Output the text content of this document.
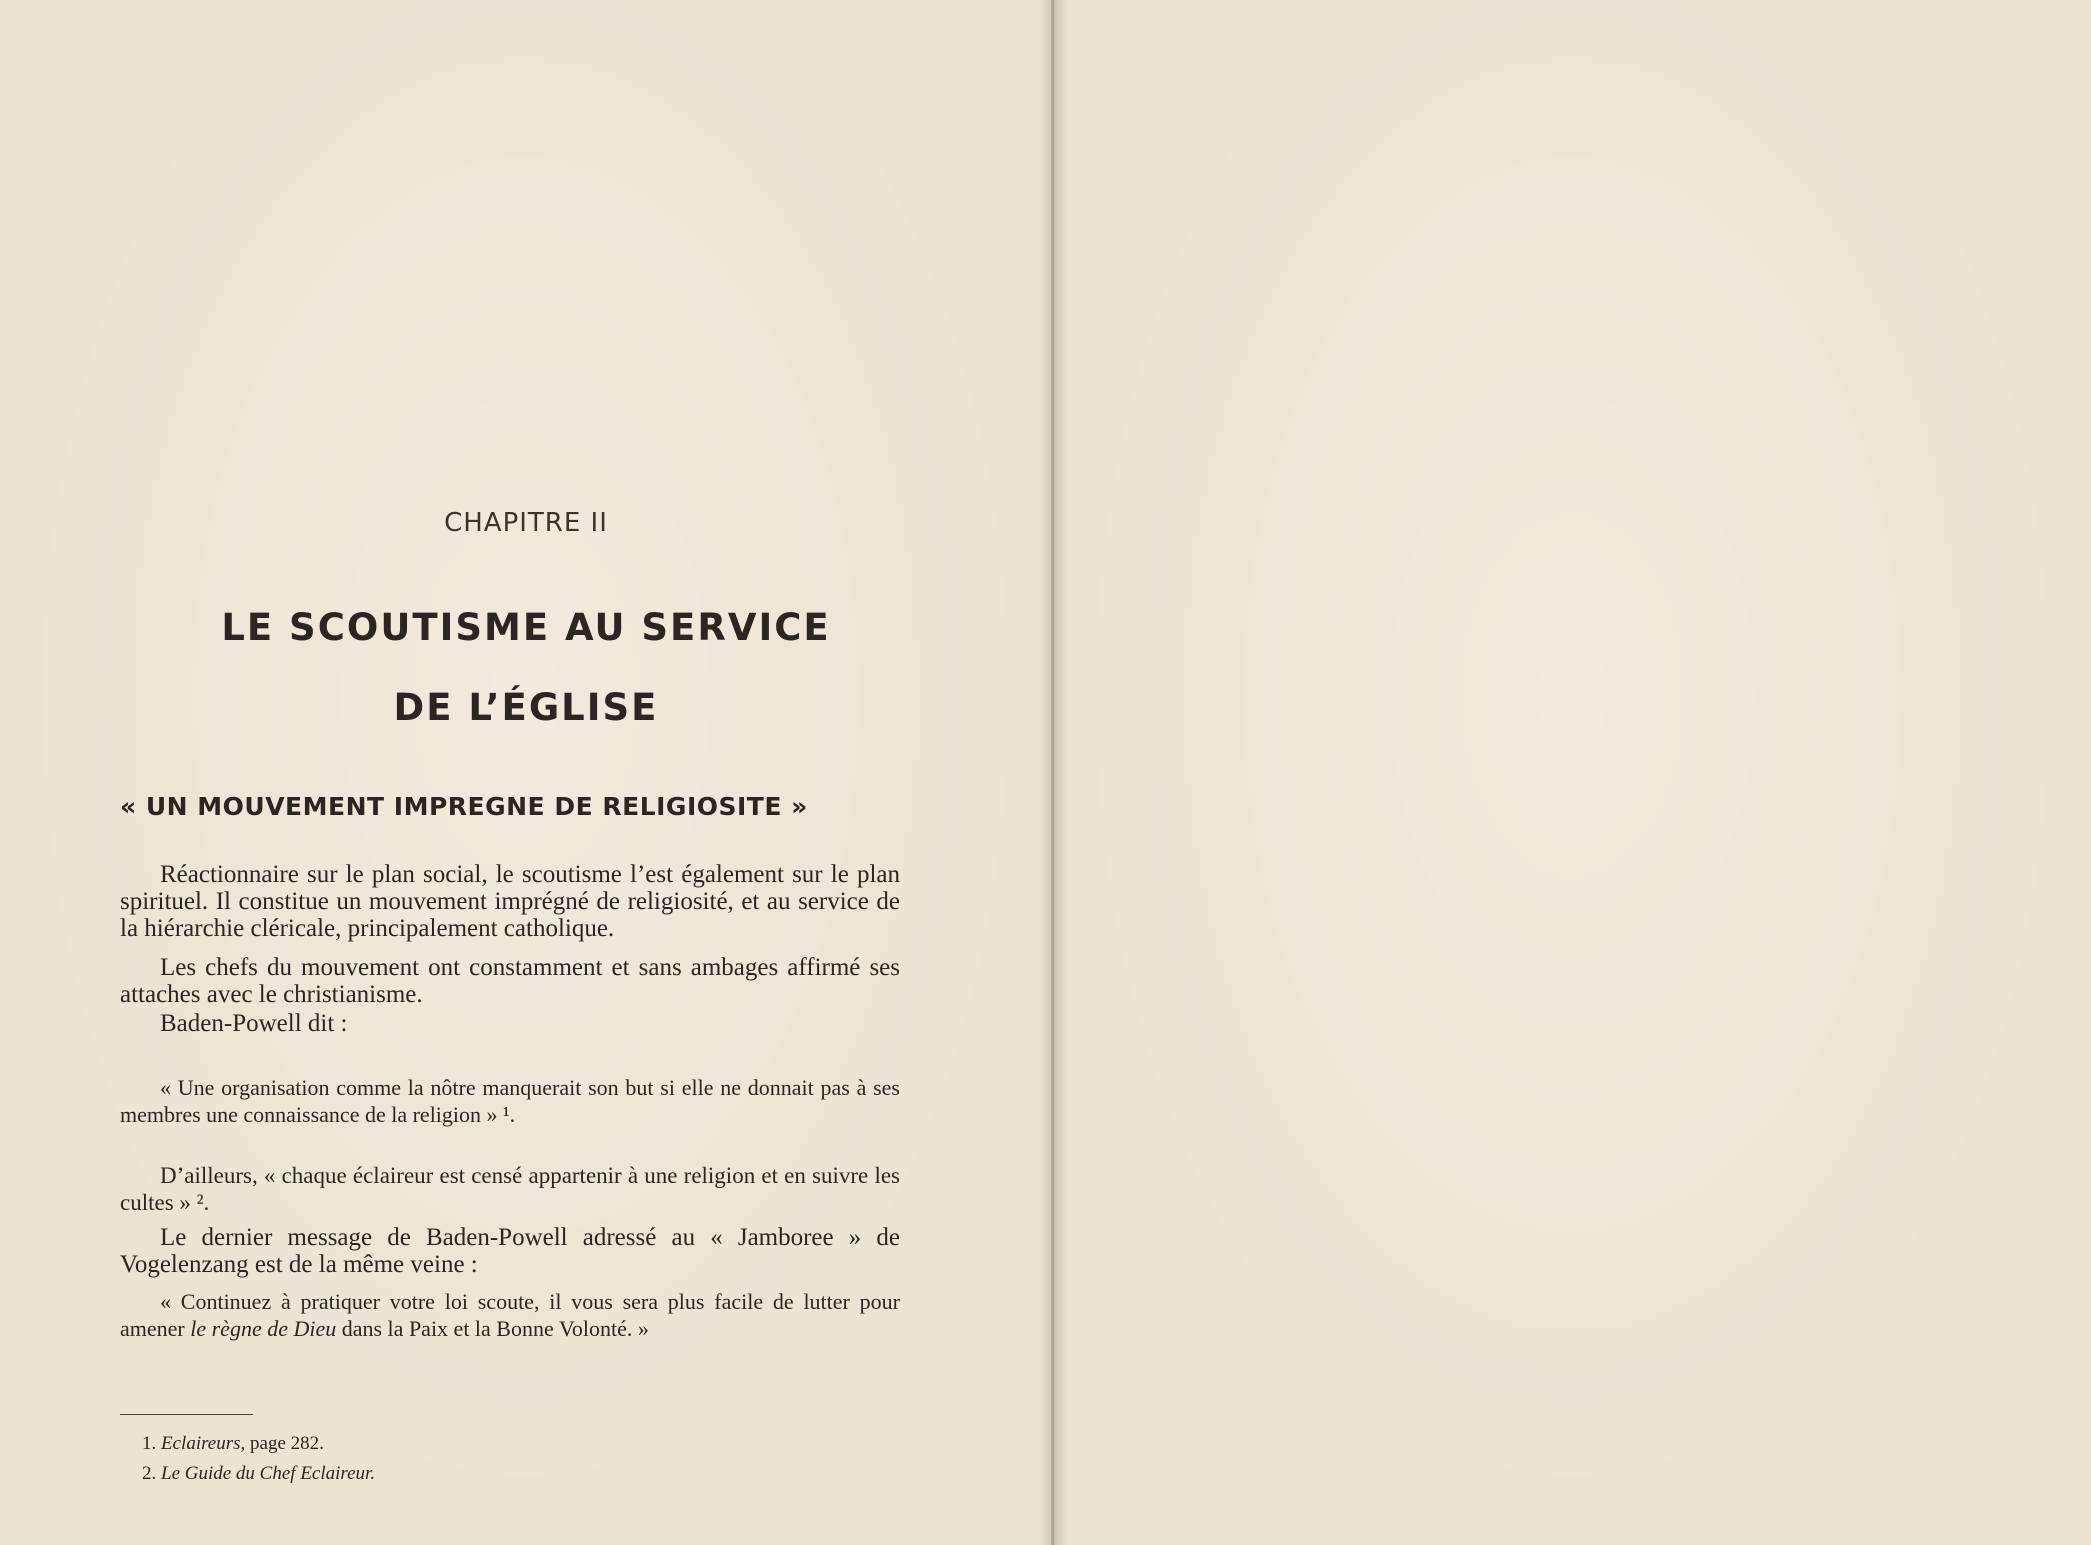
CHAPITRE II
LE SCOUTISME AU SERVICE
DE L’ÉGLISE
« UN MOUVEMENT IMPREGNE DE RELIGIOSITE »

Réactionnaire sur le plan social, le scoutisme l’est également sur le plan spirituel. Il constitue un mouvement imprégné de religiosité, et au service de la hiérarchie cléricale, principalement catholique.

Les chefs du mouvement ont constamment et sans ambages affirmé ses attaches avec le christianisme.

Baden-Powell dit :

« Une organisation comme la nôtre manquerait son but si elle ne donnait pas à ses membres une connaissance de la religion » ¹.

D’ailleurs, « chaque éclaireur est censé appartenir à une religion et en suivre les cultes » ².

Le dernier message de Baden-Powell adressé au « Jamboree » de Vogelenzang est de la même veine :

« Continuez à pratiquer votre loi scoute, il vous sera plus facile de lutter pour amener le règne de Dieu dans la Paix et la Bonne Volonté. »

1. Eclaireurs, page 282.
2. Le Guide du Chef Eclaireur.
